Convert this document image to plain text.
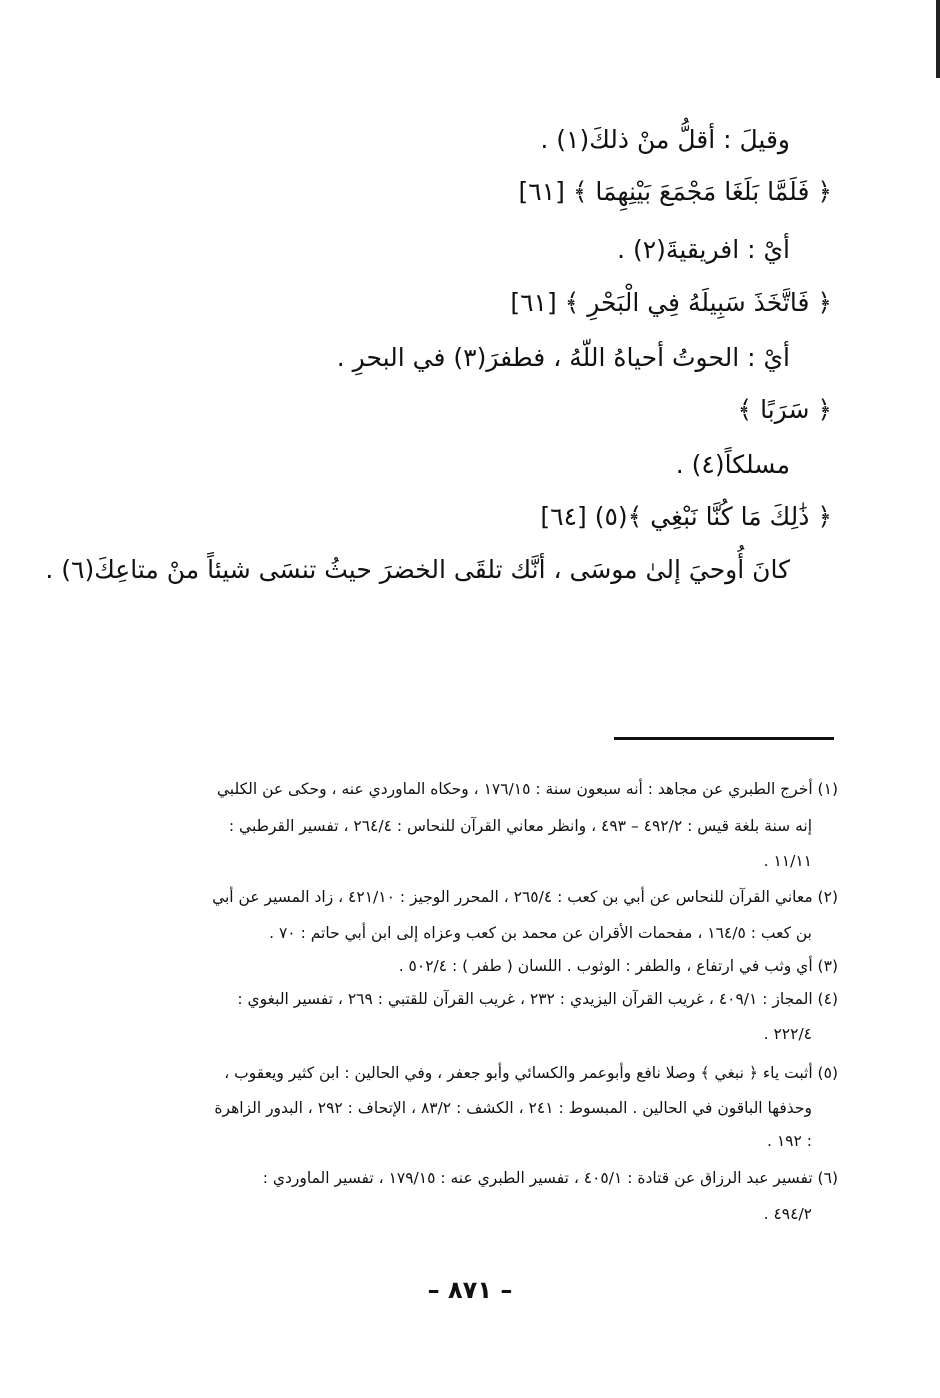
وقيلَ : أقلُّ منْ ذلكَ(١) .
﴿ فَلَمَّا بَلَغَا مَجْمَعَ بَيْنِهِمَا ﴾ [٦١]
أيْ : افريقيةَ(٢) .
﴿ فَاتَّخَذَ سَبِيلَهُ فِي الْبَحْرِ ﴾ [٦١]
أيْ : الحوتُ أحياهُ اللّهُ ، فطفرَ(٣) في البحرِ .
﴿ سَرَبًا ﴾
مسلكاً(٤) .
﴿ ذَٰلِكَ مَا كُنَّا نَبْغِي ﴾(٥) [٦٤]
كانَ أُوحيَ إلىٰ موسَى ، أنَّك تلقَى الخضرَ حيثُ تنسَى شيئاً منْ متاعِكَ(٦) .
(١) أخرج الطبري عن مجاهد : أنه سبعون سنة : ١٧٦/١٥ ، وحكاه الماوردي عنه ، وحكى عن الكلبي
إنه سنة بلغة قيس : ٤٩٢/٢ – ٤٩٣ ، وانظر معاني القرآن للنحاس : ٢٦٤/٤ ، تفسير القرطبي :
١١/١١ .
(٢) معاني القرآن للنحاس عن أبي بن كعب : ٢٦٥/٤ ، المحرر الوجيز : ٤٢١/١٠ ، زاد المسير عن أبي
بن كعب : ١٦٤/٥ ، مفحمات الأقران عن محمد بن كعب وعزاه إلى ابن أبي حاتم : ٧٠ .
(٣) أي وثب في ارتفاع ، والطفر : الوثوب . اللسان ( طفر ) : ٥٠٢/٤ .
(٤) المجاز : ٤٠٩/١ ، غريب القرآن اليزيدي : ٢٣٢ ، غريب القرآن للقتبي : ٢٦٩ ، تفسير البغوي :
٢٢٢/٤ .
(٥) أثبت ياء ﴿ نبغي ﴾ وصلا نافع وأبوعمر والكسائي وأبو جعفر ، وفي الحالين : ابن كثير ويعقوب ،
وحذفها الباقون في الحالين . المبسوط : ٢٤١ ، الكشف : ٨٣/٢ ، الإتحاف : ٢٩٢ ، البدور الزاهرة
: ١٩٢ .
(٦) تفسير عبد الرزاق عن قتادة : ٤٠٥/١ ، تفسير الطبري عنه : ١٧٩/١٥ ، تفسير الماوردي :
٤٩٤/٢ .
– ٨٧١ –
